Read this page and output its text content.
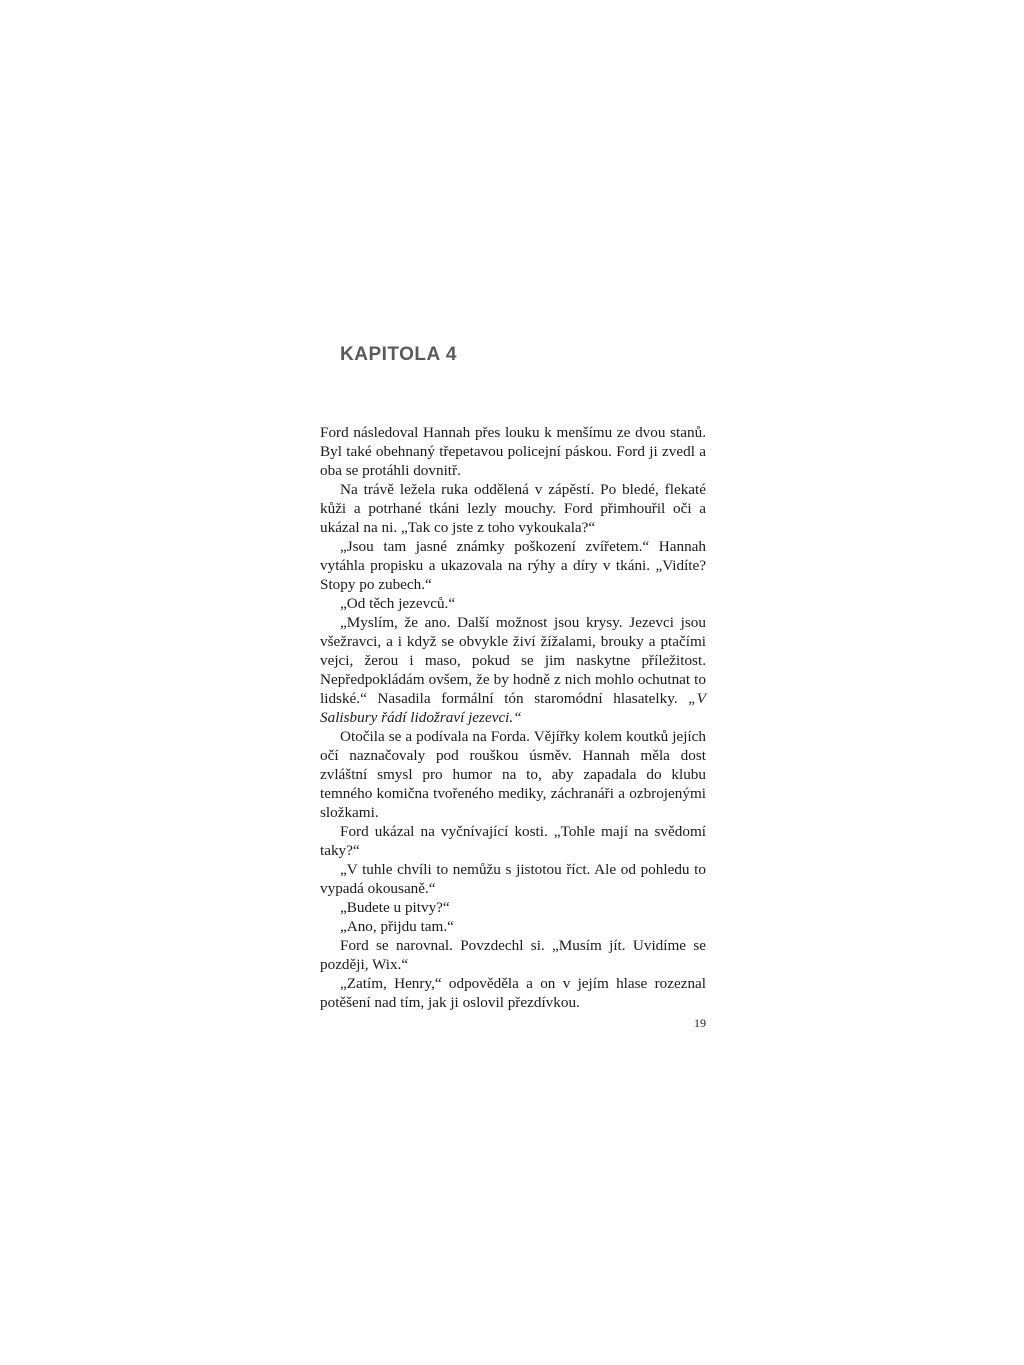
KAPITOLA 4

Ford následoval Hannah přes louku k menšímu ze dvou stanů. Byl také obehnaný třepetavou policejní páskou. Ford ji zvedl a oba se protáhli dovnitř.

Na trávě ležela ruka oddělená v zápěstí. Po bledé, flekaté kůži a potrhané tkáni lezly mouchy. Ford přimhouřil oči a ukázal na ni. „Tak co jste z toho vykoukala?“

„Jsou tam jasné známky poškození zvířetem.“ Hannah vytáhla propisku a ukazovala na rýhy a díry v tkáni. „Vidíte? Stopy po zubech.“

„Od těch jezevců.“

„Myslím, že ano. Další možnost jsou krysy. Jezevci jsou všežravci, a i když se obvykle živí žížalami, brouky a ptačími vejci, žerou i maso, pokud se jim naskytne příležitost. Nepředpokládám ovšem, že by hodně z nich mohlo ochutnat to lidské.“ Nasadila formální tón staromódní hlasatelky. „V Salisbury řádí lidožraví jezevci.“

Otočila se a podívala na Forda. Vějířky kolem koutků jejích očí naznačovaly pod rouškou úsměv. Hannah měla dost zvláštní smysl pro humor na to, aby zapadala do klubu temného komična tvořeného mediky, záchranáři a ozbrojenými složkami.

Ford ukázal na vyčnívající kosti. „Tohle mají na svědomí taky?“

„V tuhle chvíli to nemůžu s jistotou říct. Ale od pohledu to vypadá okousaně.“

„Budete u pitvy?“

„Ano, přijdu tam.“

Ford se narovnal. Povzdechl si. „Musím jít. Uvidíme se později, Wix.“

„Zatím, Henry,“ odpověděla a on v jejím hlase rozeznal potěšení nad tím, jak ji oslovil přezdívkou.

19
